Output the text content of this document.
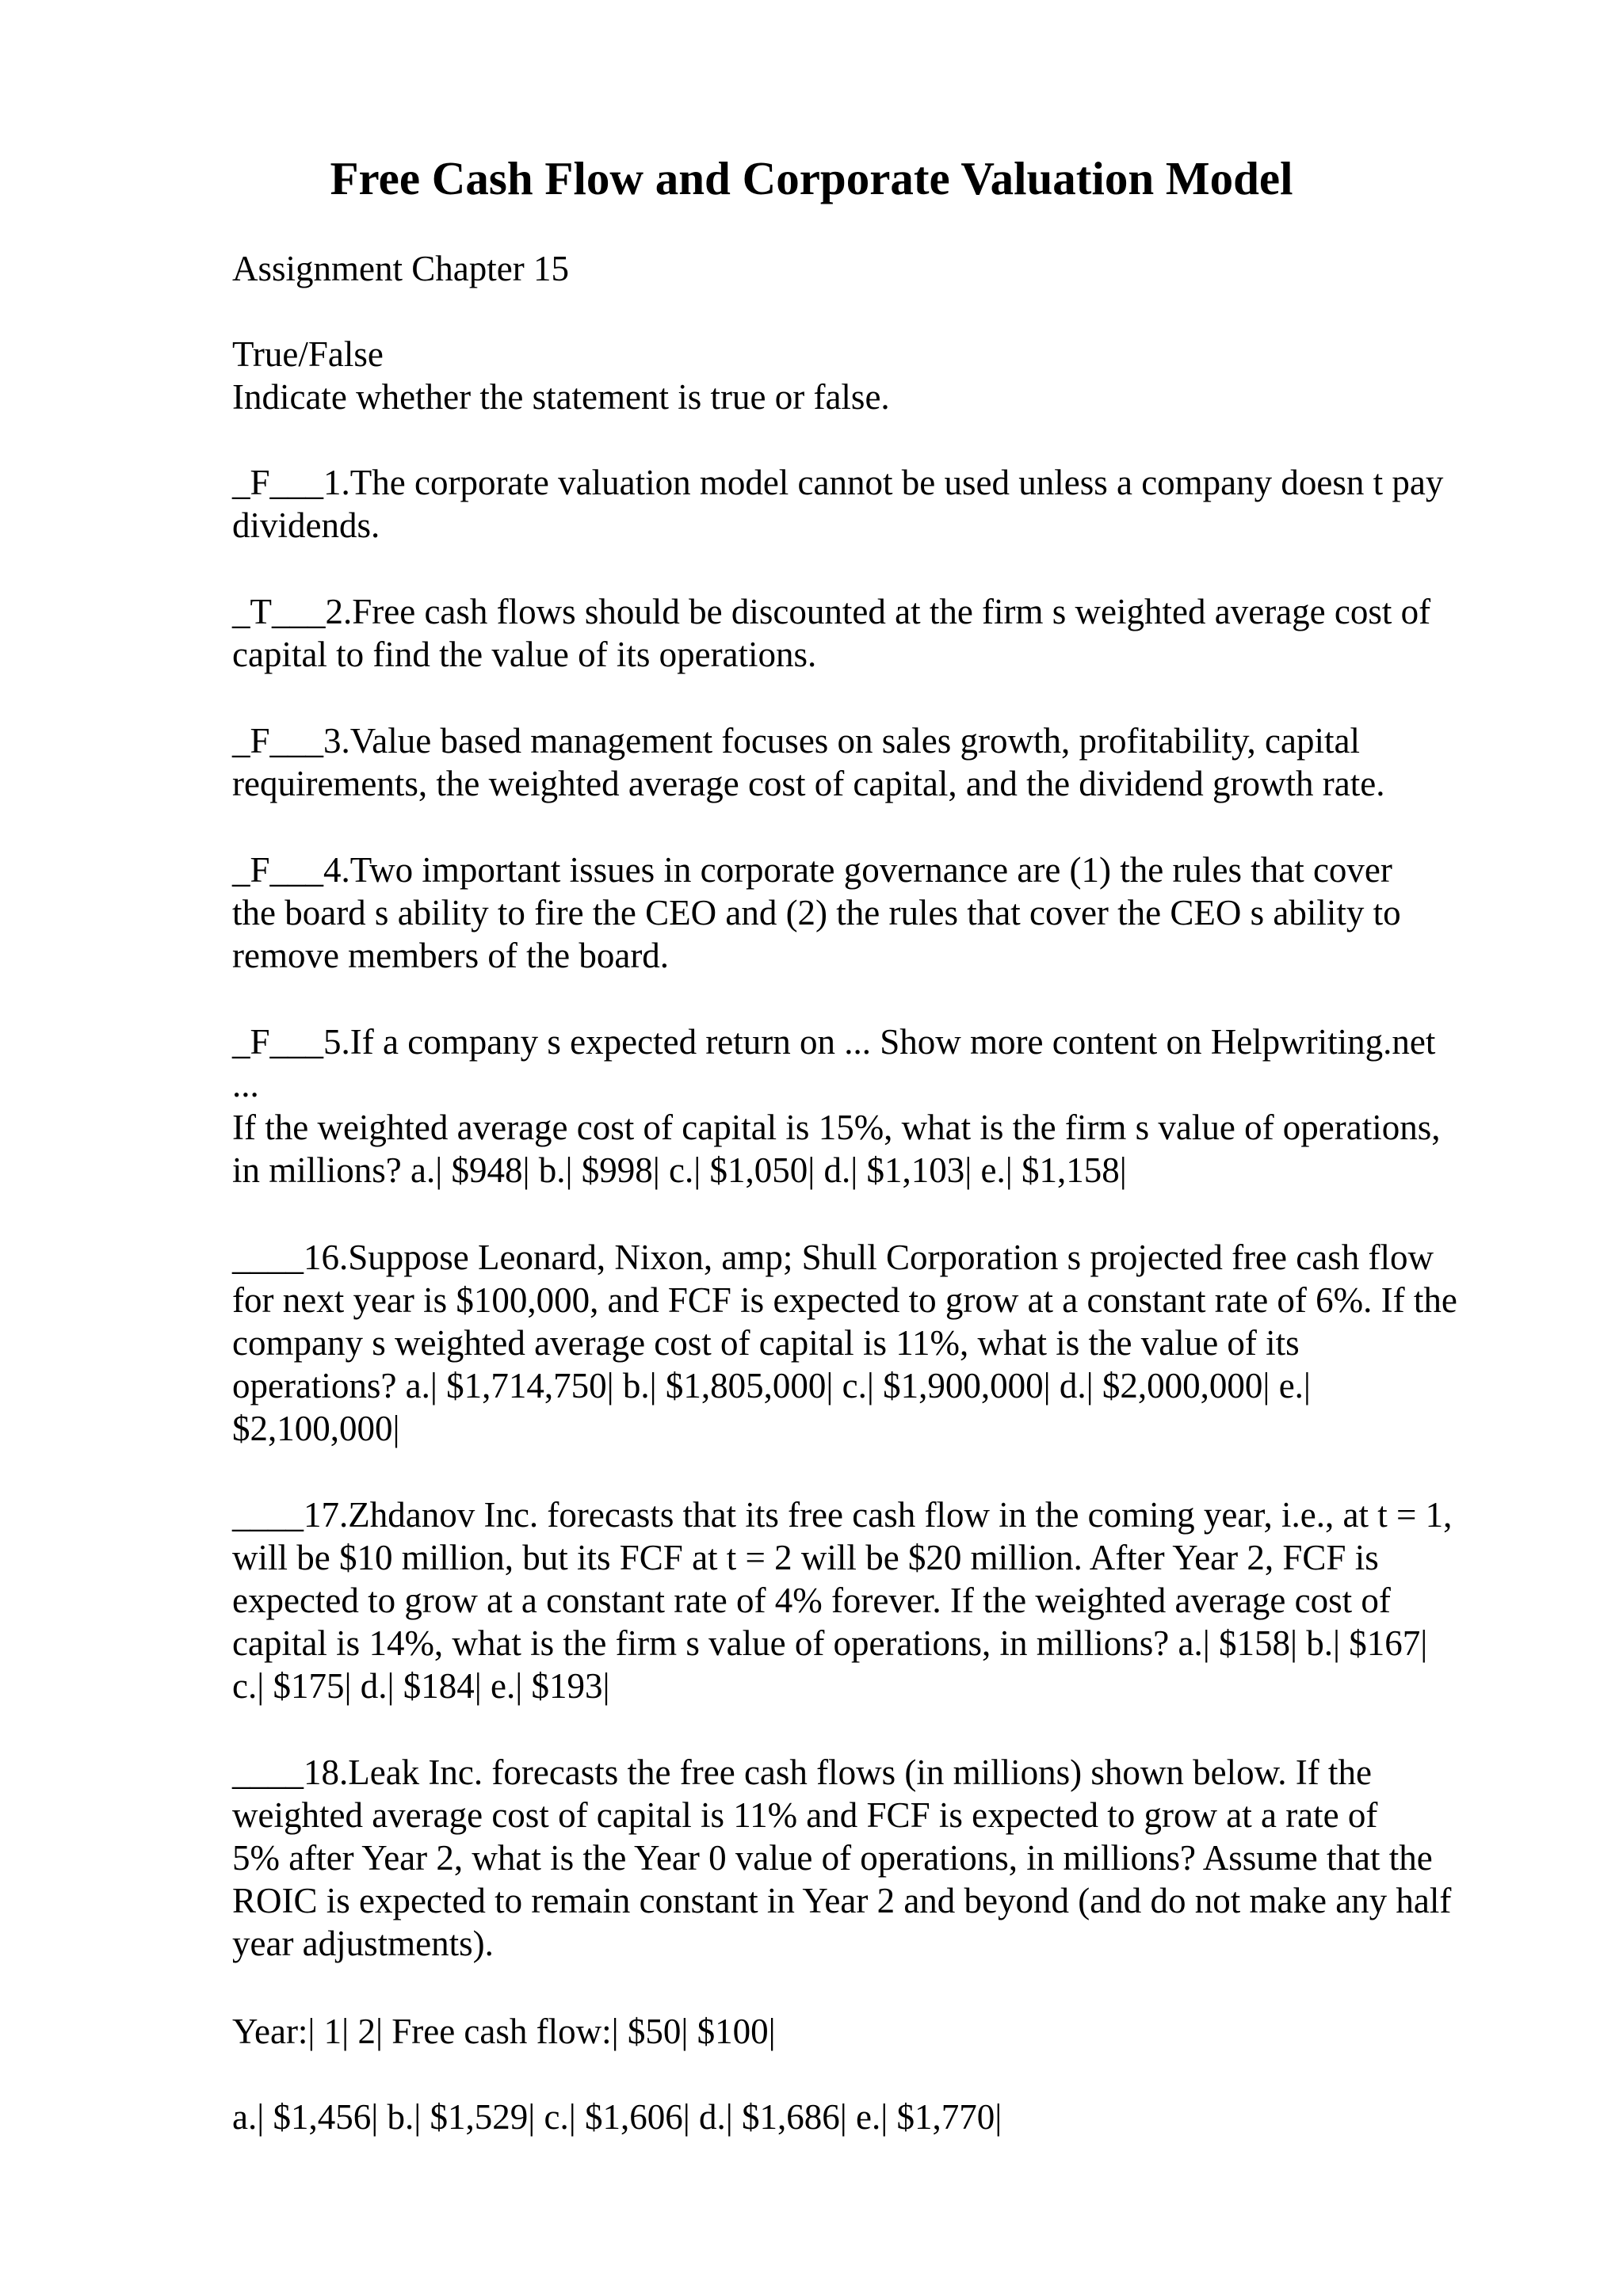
Free Cash Flow and Corporate Valuation Model

Assignment Chapter 15

True/False

Indicate whether the statement is true or false.

_F___1.The corporate valuation model cannot be used unless a company doesn t pay
dividends.

_T___2.Free cash flows should be discounted at the firm s weighted average cost of
capital to find the value of its operations.

_F___3.Value based management focuses on sales growth, profitability, capital
requirements, the weighted average cost of capital, and the dividend growth rate.

_F___4.Two important issues in corporate governance are (1) the rules that cover
the board s ability to fire the CEO and (2) the rules that cover the CEO s ability to
remove members of the board.

_F___5.If a company s expected return on ... Show more content on Helpwriting.net
...
If the weighted average cost of capital is 15%, what is the firm s value of operations,
in millions? a.| $948| b.| $998| c.| $1,050| d.| $1,103| e.| $1,158|

____16.Suppose Leonard, Nixon, amp; Shull Corporation s projected free cash flow
for next year is $100,000, and FCF is expected to grow at a constant rate of 6%. If the
company s weighted average cost of capital is 11%, what is the value of its
operations? a.| $1,714,750| b.| $1,805,000| c.| $1,900,000| d.| $2,000,000| e.|
$2,100,000|

____17.Zhdanov Inc. forecasts that its free cash flow in the coming year, i.e., at t = 1,
will be $10 million, but its FCF at t = 2 will be $20 million. After Year 2, FCF is
expected to grow at a constant rate of 4% forever. If the weighted average cost of
capital is 14%, what is the firm s value of operations, in millions? a.| $158| b.| $167|
c.| $175| d.| $184| e.| $193|

____18.Leak Inc. forecasts the free cash flows (in millions) shown below. If the
weighted average cost of capital is 11% and FCF is expected to grow at a rate of
5% after Year 2, what is the Year 0 value of operations, in millions? Assume that the
ROIC is expected to remain constant in Year 2 and beyond (and do not make any half
year adjustments).

Year:| 1| 2| Free cash flow:| $50| $100|

a.| $1,456| b.| $1,529| c.| $1,606| d.| $1,686| e.| $1,770|
